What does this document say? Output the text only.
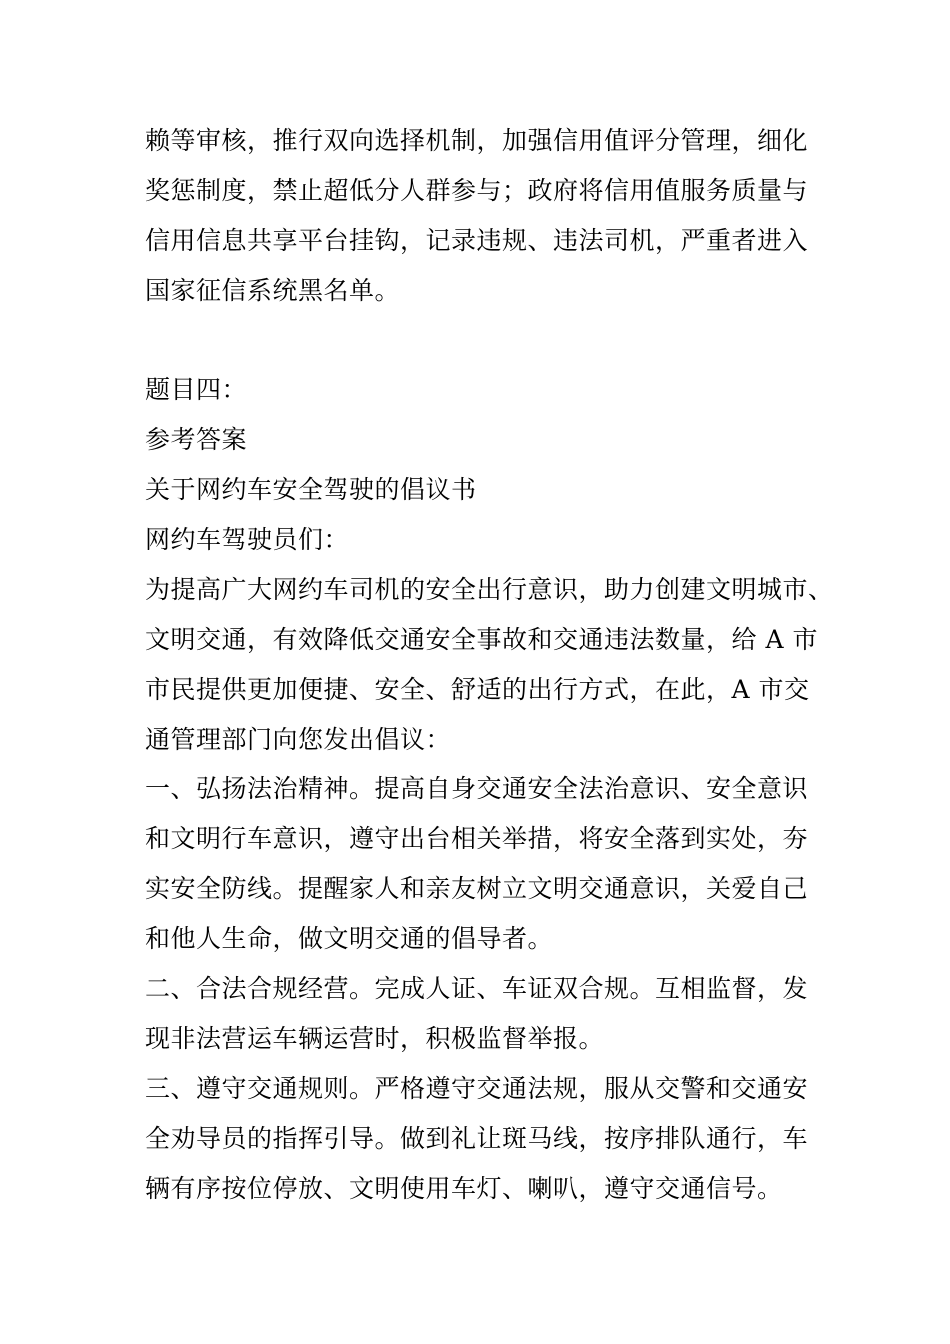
赖等审核，推行双向选择机制，加强信用值评分管理，细化
奖惩制度，禁止超低分人群参与；政府将信用值服务质量与
信用信息共享平台挂钩，记录违规、违法司机，严重者进入
国家征信系统黑名单。
题目四：
参考答案
关于网约车安全驾驶的倡议书
网约车驾驶员们：
为提高广大网约车司机的安全出行意识，助力创建文明城市、
文明交通，有效降低交通安全事故和交通违法数量，给 A 市
市民提供更加便捷、安全、舒适的出行方式，在此，A 市交
通管理部门向您发出倡议：
一、弘扬法治精神。提高自身交通安全法治意识、安全意识
和文明行车意识，遵守出台相关举措，将安全落到实处，夯
实安全防线。提醒家人和亲友树立文明交通意识，关爱自己
和他人生命，做文明交通的倡导者。
二、合法合规经营。完成人证、车证双合规。互相监督，发
现非法营运车辆运营时，积极监督举报。
三、遵守交通规则。严格遵守交通法规，服从交警和交通安
全劝导员的指挥引导。做到礼让斑马线，按序排队通行，车
辆有序按位停放、文明使用车灯、喇叭，遵守交通信号。
